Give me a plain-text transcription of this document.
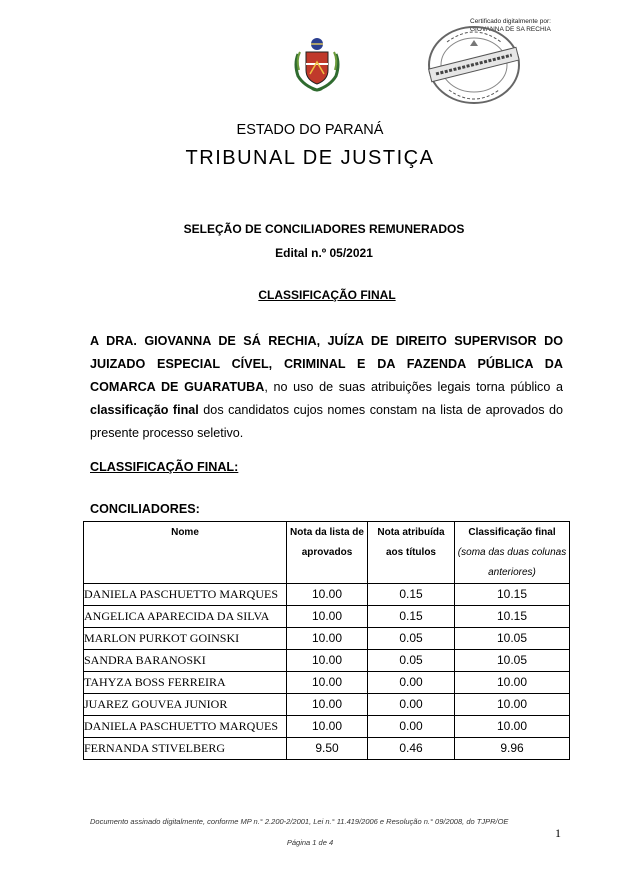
Certificado digitalmente por:
GIOVANNA DE SA RECHIA
ESTADO DO PARANÁ
TRIBUNAL DE JUSTIÇA
SELEÇÃO DE CONCILIADORES REMUNERADOS
Edital n.º 05/2021
CLASSIFICAÇÃO FINAL
A DRA. GIOVANNA DE SÁ RECHIA, JUÍZA DE DIREITO SUPERVISOR DO JUIZADO ESPECIAL CÍVEL, CRIMINAL E DA FAZENDA PÚBLICA DA COMARCA DE GUARATUBA, no uso de suas atribuições legais torna público a classificação final dos candidatos cujos nomes constam na lista de aprovados do presente processo seletivo.
CLASSIFICAÇÃO FINAL:
CONCILIADORES:
Nome	Nota da lista de aprovados	Nota atribuída aos títulos	Classificação final
(soma das duas colunas anteriores)

DANIELA PASCHUETTO MARQUES	10.00	0.15	10.15
ANGELICA APARECIDA DA SILVA	10.00	0.15	10.15
MARLON PURKOT GOINSKI	10.00	0.05	10.05
SANDRA BARANOSKI	10.00	0.05	10.05
TAHYZA BOSS FERREIRA	10.00	0.00	10.00
JUAREZ GOUVEA JUNIOR	10.00	0.00	10.00
DANIELA PASCHUETTO MARQUES	10.00	0.00	10.00
FERNANDA STIVELBERG	9.50	0.46	9.96
Documento assinado digitalmente, conforme MP n.° 2.200-2/2001, Lei n.° 11.419/2006 e Resolução n.° 09/2008, do TJPR/OE
1
Página 1 de 4
